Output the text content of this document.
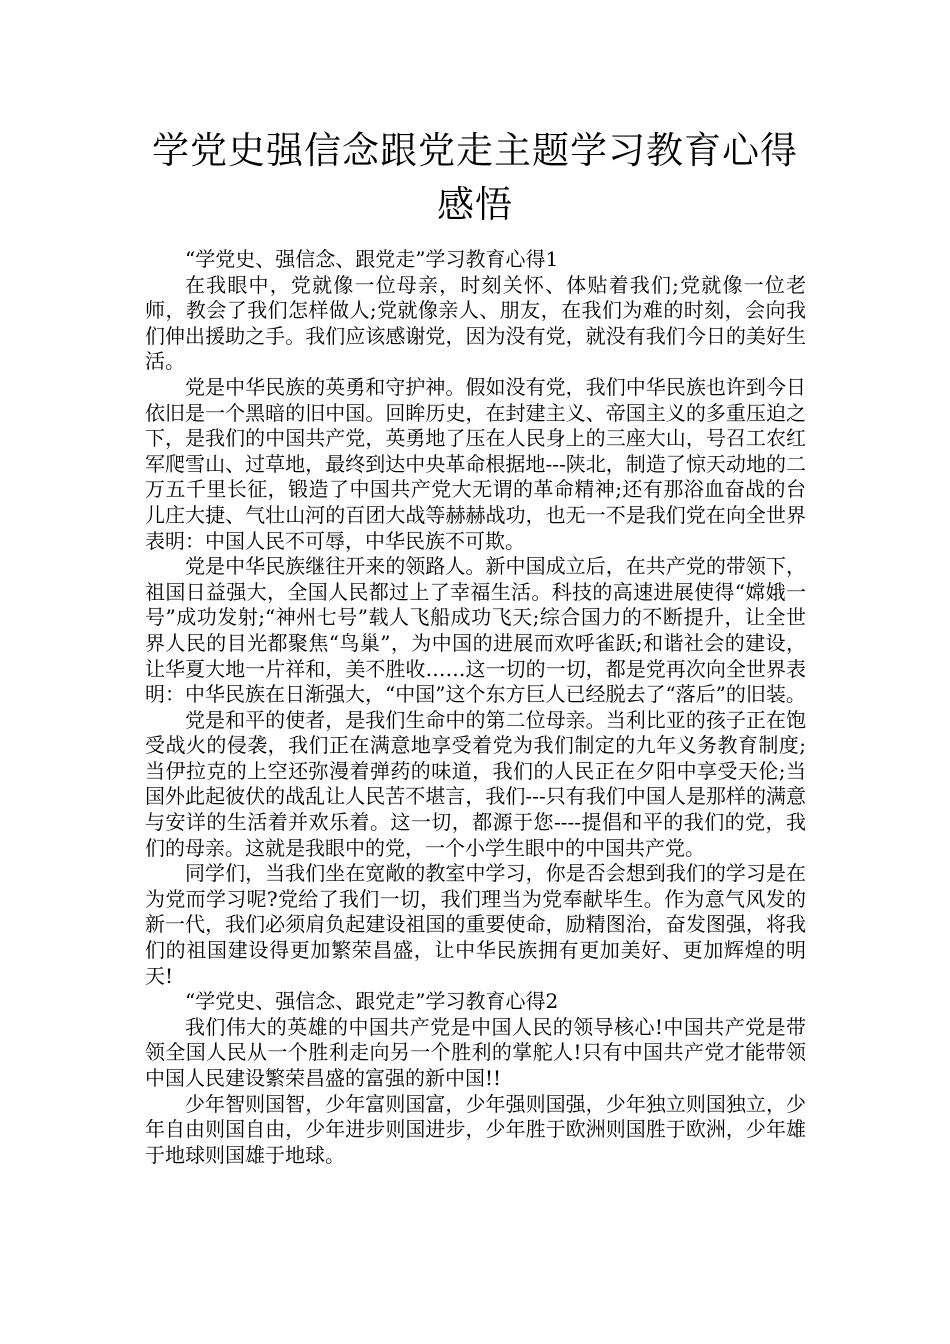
学党史强信念跟党走主题学习教育心得感悟

“学党史、强信念、跟党走”学习教育心得1

在我眼中，党就像一位母亲，时刻关怀、体贴着我们;党就像一位老师，教会了我们怎样做人;党就像亲人、朋友，在我们为难的时刻，会向我们伸出援助之手。我们应该感谢党，因为没有党，就没有我们今日的美好生活。

党是中华民族的英勇和守护神。假如没有党，我们中华民族也许到今日依旧是一个黑暗的旧中国。回眸历史，在封建主义、帝国主义的多重压迫之下，是我们的中国共产党，英勇地了压在人民身上的三座大山，号召工农红军爬雪山、过草地，最终到达中央革命根据地---陕北，制造了惊天动地的二万五千里长征，锻造了中国共产党大无谓的革命精神;还有那浴血奋战的台儿庄大捷、气壮山河的百团大战等赫赫战功，也无一不是我们党在向全世界表明：中国人民不可辱，中华民族不可欺。

党是中华民族继往开来的领路人。新中国成立后，在共产党的带领下，祖国日益强大，全国人民都过上了幸福生活。科技的高速进展使得“嫦娥一号”成功发射;“神州七号”载人飞船成功飞天;综合国力的不断提升，让全世界人民的目光都聚焦“鸟巢”，为中国的进展而欢呼雀跃;和谐社会的建设，让华夏大地一片祥和，美不胜收……这一切的一切，都是党再次向全世界表明：中华民族在日渐强大，“中国”这个东方巨人已经脱去了“落后”的旧装。

党是和平的使者，是我们生命中的第二位母亲。当利比亚的孩子正在饱受战火的侵袭，我们正在满意地享受着党为我们制定的九年义务教育制度;当伊拉克的上空还弥漫着弹药的味道，我们的人民正在夕阳中享受天伦;当国外此起彼伏的战乱让人民苦不堪言，我们---只有我们中国人是那样的满意与安详的生活着并欢乐着。这一切，都源于您----提倡和平的我们的党，我们的母亲。这就是我眼中的党，一个小学生眼中的中国共产党。

同学们，当我们坐在宽敞的教室中学习，你是否会想到我们的学习是在为党而学习呢?党给了我们一切，我们理当为党奉献毕生。作为意气风发的新一代，我们必须肩负起建设祖国的重要使命，励精图治，奋发图强，将我们的祖国建设得更加繁荣昌盛，让中华民族拥有更加美好、更加辉煌的明天!

“学党史、强信念、跟党走”学习教育心得2

我们伟大的英雄的中国共产党是中国人民的领导核心!中国共产党是带领全国人民从一个胜利走向另一个胜利的掌舵人!只有中国共产党才能带领中国人民建设繁荣昌盛的富强的新中国!!

少年智则国智，少年富则国富，少年强则国强，少年独立则国独立，少年自由则国自由，少年进步则国进步，少年胜于欧洲则国胜于欧洲，少年雄于地球则国雄于地球。
